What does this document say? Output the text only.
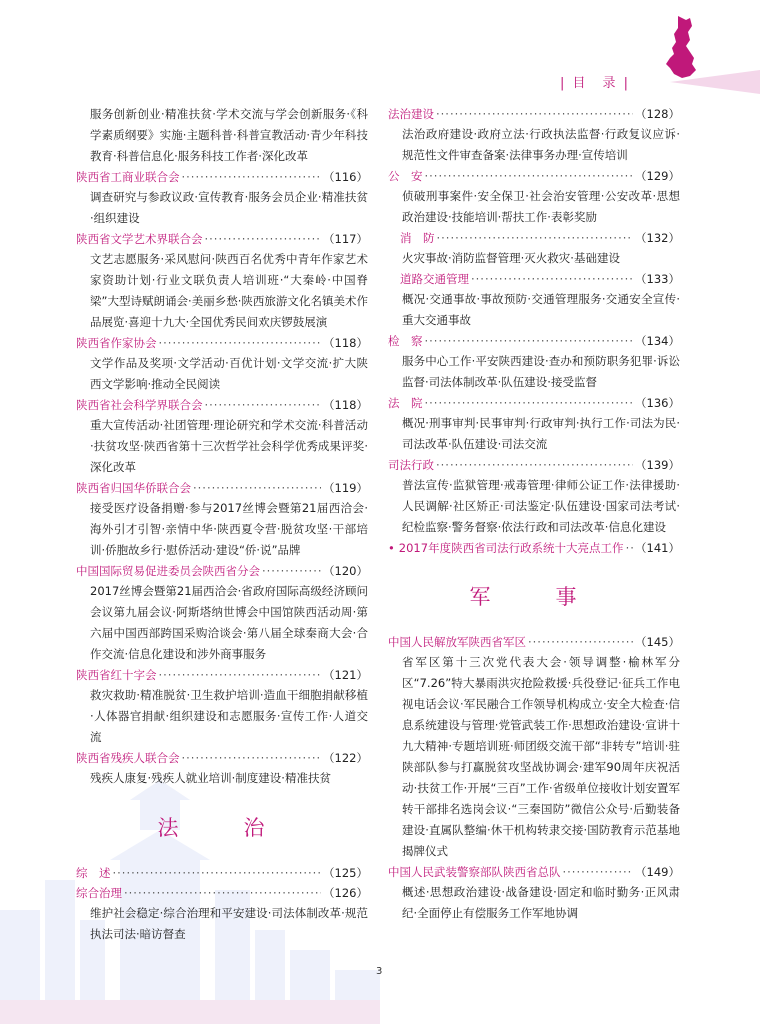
| 目　录 |
服务创新创业·精准扶贫·学术交流与学会创新服务·《科学素质纲要》实施·主题科普·科普宣教活动·青少年科技教育·科普信息化·服务科技工作者·深化改革
陕西省工商业联合会 ·····	（116）
调查研究与参政议政·宣传教育·服务会员企业·精准扶贫·组织建设
陕西省文学艺术界联合会 ·····	（117）
文艺志愿服务·采风慰问·陕西百名优秀中青年作家艺术家资助计划·行业文联负责人培训班·“大秦岭·中国脊梁”大型诗赋朗诵会·美丽乡愁·陕西旅游文化名镇美术作品展览·喜迎十九大·全国优秀民间欢庆锣鼓展演
陕西省作家协会 ·····	（118）
文学作品及奖项·文学活动·百优计划·文学交流·扩大陕西文学影响·推动全民阅读
陕西省社会科学界联合会 ·····	（118）
重大宣传活动·社团管理·理论研究和学术交流·科普活动·扶贫攻坚·陕西省第十三次哲学社会科学优秀成果评奖·深化改革
陕西省归国华侨联合会 ·····	（119）
接受医疗设备捐赠·参与2017丝博会暨第21届西洽会·海外引才引智·亲情中华·陕西夏令营·脱贫攻坚·干部培训·侨胞故乡行·慰侨活动·建设“侨·说”品牌
中国国际贸易促进委员会陕西省分会 ·····	（120）
2017丝博会暨第21届西洽会·省政府国际高级经济顾问会议第九届会议·阿斯塔纳世博会中国馆陕西活动周·第六届中国西部跨国采购洽谈会·第八届全球秦商大会·合作交流·信息化建设和涉外商事服务
陕西省红十字会 ·····	（121）
救灾救助·精准脱贫·卫生救护培训·造血干细胞捐献移植·人体器官捐献·组织建设和志愿服务·宣传工作·人道交流
陕西省残疾人联合会 ·····	（122）
残疾人康复·残疾人就业培训·制度建设·精准扶贫
法　治
综　述 ·····	（125）
综合治理 ·····	（126）
维护社会稳定·综合治理和平安建设·司法体制改革·规范执法司法·暗访督查
法治建设 ·····	（128）
法治政府建设·政府立法·行政执法监督·行政复议应诉·规范性文件审查备案·法律事务办理·宣传培训
公　安 ·····	（129）
侦破刑事案件·安全保卫·社会治安管理·公安改革·思想政治建设·技能培训·帮扶工作·表彰奖励
消　防 ·····	（132）
火灾事故·消防监督管理·灭火救灾·基础建设
道路交通管理 ·····	（133）
概况·交通事故·事故预防·交通管理服务·交通安全宣传·重大交通事故
检　察 ·····	（134）
服务中心工作·平安陕西建设·查办和预防职务犯罪·诉讼监督·司法体制改革·队伍建设·接受监督
法　院 ·····	（136）
概况·刑事审判·民事审判·行政审判·执行工作·司法为民·司法改革·队伍建设·司法交流
司法行政 ·····	（139）
普法宣传·监狱管理·戒毒管理·律师公证工作·法律援助·人民调解·社区矫正·司法鉴定·队伍建设·国家司法考试·纪检监察·警务督察·依法行政和司法改革·信息化建设
• 2017年度陕西省司法行政系统十大亮点工作 ····· （141）
军　事
中国人民解放军陕西省军区 ·····	（145）
省军区第十三次党代表大会·领导调整·榆林军分区“7.26”特大暴雨洪灾抢险救援·兵役登记·征兵工作电视电话会议·军民融合工作领导机构成立·安全大检查·信息系统建设与管理·党管武装工作·思想政治建设·宣讲十九大精神·专题培训班·师团级交流干部“非转专”培训·驻陕部队参与打赢脱贫攻坚战协调会·建军90周年庆祝活动·扶贫工作·开展“三百”工作·省级单位接收计划安置军转干部排名选岗会议·“三秦国防”微信公众号·后勤装备建设·直属队整编·休干机构转隶交接·国防教育示范基地揭牌仪式
中国人民武装警察部队陕西省总队 ·····	（149）
概述·思想政治建设·战备建设·固定和临时勤务·正风肃纪·全面停止有偿服务工作军地协调
3
